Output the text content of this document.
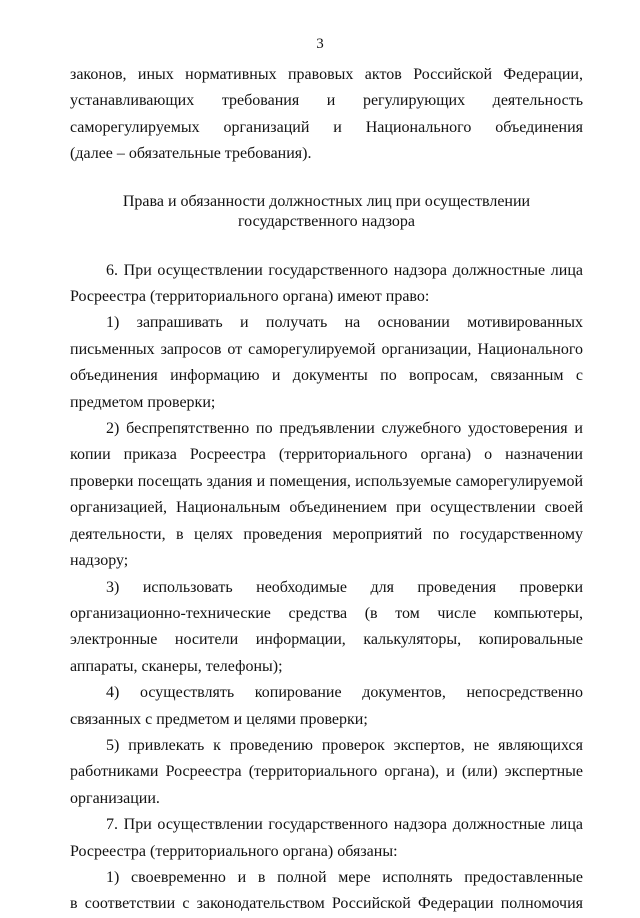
3

законов, иных нормативных правовых актов Российской Федерации,

устанавливающих требования и регулирующих деятельность

саморегулируемых организаций и Национального объединения

(далее – обязательные требования).

Права и обязанности должностных лиц при осуществлении
государственного надзора

6. При осуществлении государственного надзора должностные лица Росреестра (территориального органа) имеют право:

1) запрашивать и получать на основании мотивированных письменных запросов от саморегулируемой организации, Национального объединения информацию и документы по вопросам, связанным с предметом проверки;

2) беспрепятственно по предъявлении служебного удостоверения и копии приказа Росреестра (территориального органа) о назначении проверки посещать здания и помещения, используемые саморегулируемой организацией, Национальным объединением при осуществлении своей деятельности, в целях проведения мероприятий по государственному надзору;

3) использовать необходимые для проведения проверки организационно-технические средства (в том числе компьютеры, электронные носители информации, калькуляторы, копировальные аппараты, сканеры, телефоны);

4) осуществлять копирование документов, непосредственно связанных с предметом и целями проверки;

5) привлекать к проведению проверок экспертов, не являющихся работниками Росреестра (территориального органа), и (или) экспертные организации.

7. При осуществлении государственного надзора должностные лица Росреестра (территориального органа) обязаны:

1) своевременно и в полной мере исполнять предоставленные

в соответствии с законодательством Российской Федерации полномочия
